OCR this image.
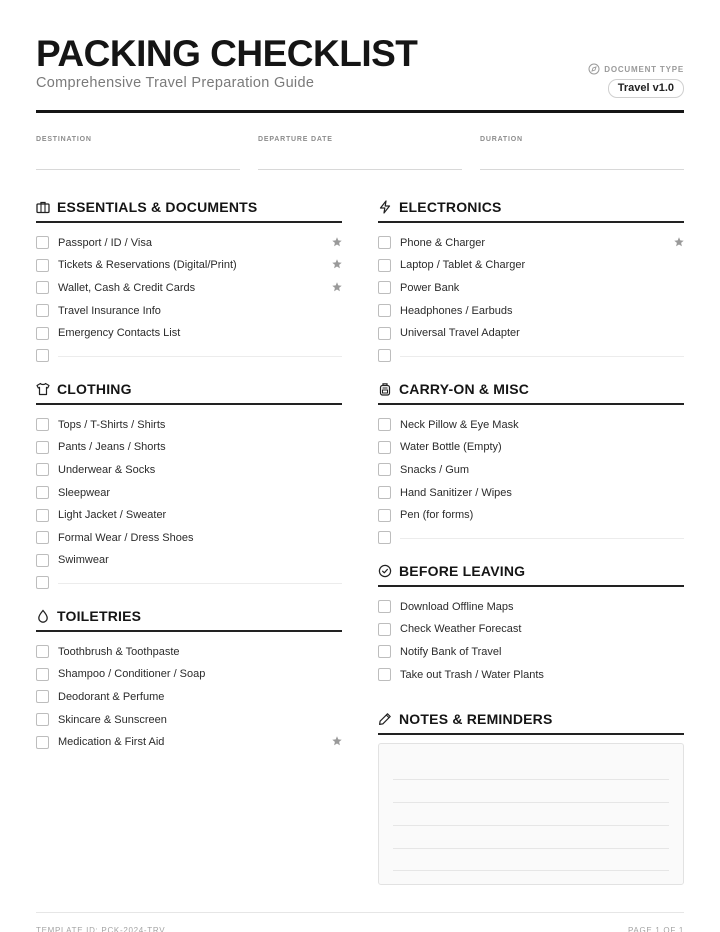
PACKING CHECKLIST
Comprehensive Travel Preparation Guide
DOCUMENT TYPE
Travel v1.0
DESTINATION	DEPARTURE DATE	DURATION
ESSENTIALS & DOCUMENTS
Passport / ID / Visa
Tickets & Reservations (Digital/Print)
Wallet, Cash & Credit Cards
Travel Insurance Info
Emergency Contacts List
CLOTHING
Tops / T-Shirts / Shirts
Pants / Jeans / Shorts
Underwear & Socks
Sleepwear
Light Jacket / Sweater
Formal Wear / Dress Shoes
Swimwear
TOILETRIES
Toothbrush & Toothpaste
Shampoo / Conditioner / Soap
Deodorant & Perfume
Skincare & Sunscreen
Medication & First Aid
ELECTRONICS
Phone & Charger
Laptop / Tablet & Charger
Power Bank
Headphones / Earbuds
Universal Travel Adapter
CARRY-ON & MISC
Neck Pillow & Eye Mask
Water Bottle (Empty)
Snacks / Gum
Hand Sanitizer / Wipes
Pen (for forms)
BEFORE LEAVING
Download Offline Maps
Check Weather Forecast
Notify Bank of Travel
Take out Trash / Water Plants
NOTES & REMINDERS
TEMPLATE ID: PCK-2024-TRV	PAGE 1 OF 1
